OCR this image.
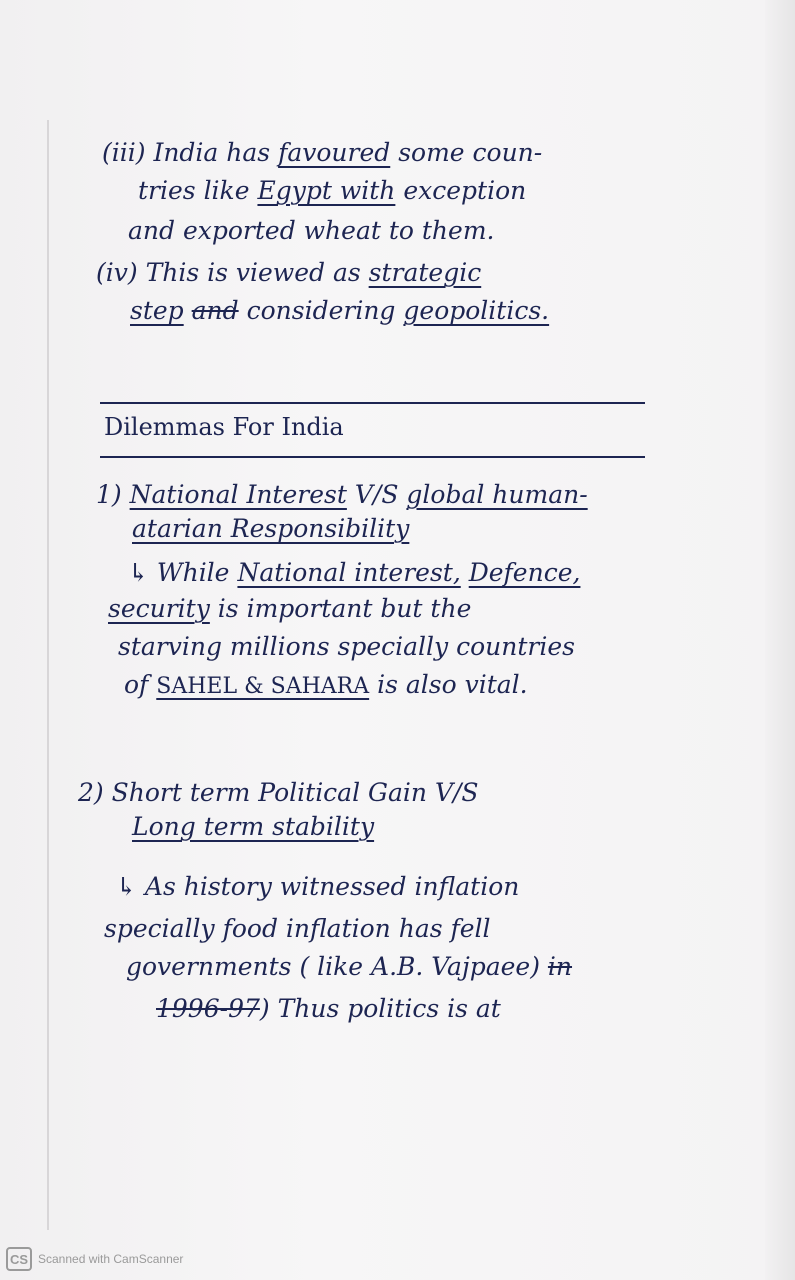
(iii) India has favoured some coun-
tries like Egypt with exception
and exported wheat to them.
(iv) This is viewed as strategic
step and considering geopolitics.
Dilemmas For India
1) National Interest V/S global human-
atarian Responsibility
↳ While National interest, Defence,
security is important but the
starving millions specially countries
of SAHEL & SAHARA is also vital.
2) Short term Political Gain V/S
Long term stability
↳ As history witnessed inflation
specially food inflation has fell
governments ( like A.B. Vajpaee) in
1996-97) Thus politics is at
CS Scanned with CamScanner
